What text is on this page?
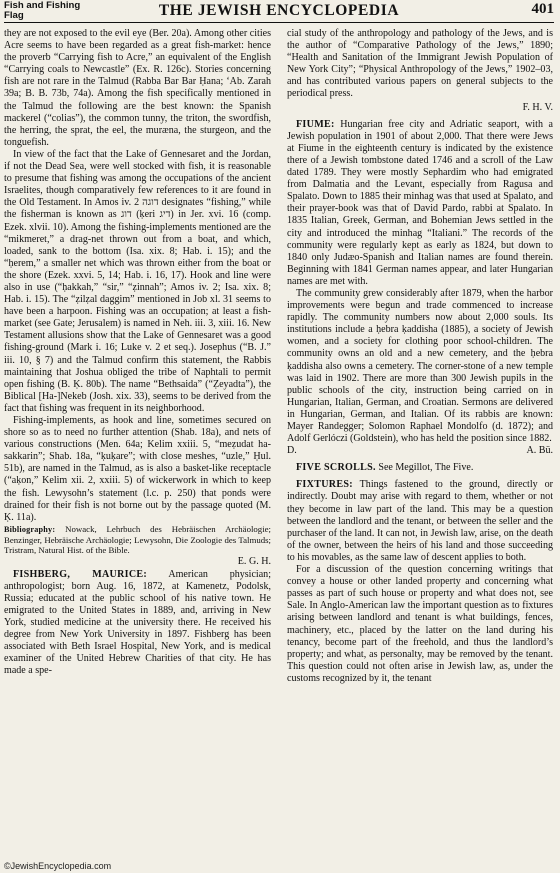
Fish and Fishing
Flag	THE JEWISH ENCYCLOPEDIA	401

they are not exposed to the evil eye (Ber. 20a). Among other cities Acre seems to have been regarded as a great fish-market: hence the proverb “Carrying fish to Acre,” an equivalent of the English “Carrying coals to Newcastle” (Ex. R. 126c). Stories concerning fish are not rare in the Talmud (Rabba Bar Bar Ḥana; ‘Ab. Zarah 39a; B. B. 73b, 74a). Among the fish specifically mentioned in the Talmud the following are the best known: the Spanish mackerel (“colias”), the common tunny, the triton, the swordfish, the herring, the sprat, the eel, the muræna, the sturgeon, and the tonguefish.

In view of the fact that the Lake of Gennesaret and the Jordan, if not the Dead Sea, were well stocked with fish, it is reasonable to presume that fishing was among the occupations of the ancient Israelites, though comparatively few references to it are found in the Old Testament. In Amos iv. 2 דוגה designates “fishing,” while the fisherman is known as דוג (ḳeri דיג) in Jer. xvi. 16 (comp. Ezek. xlvii. 10). Among the fishing-implements mentioned are the “mikmeret,” a drag-net thrown out from a boat, and which, loaded, sank to the bottom (Isa. xix. 8; Hab. i. 15); and the “ḥerem,” a smaller net which was thrown either from the boat or the shore (Ezek. xxvi. 5, 14; Hab. i. 16, 17). Hook and line were also in use (“ḥakkah,” “sir,” “ẓinnah”; Amos iv. 2; Isa. xix. 8; Hab. i. 15). The “ẓilẓal daggim” mentioned in Job xl. 31 seems to have been a harpoon. Fishing was an occupation; at least a fish-market (see Gate; Jerusalem) is named in Neh. iii. 3, xiii. 16. New Testament allusions show that the Lake of Gennesaret was a good fishing-ground (Mark i. 16; Luke v. 2 et seq.). Josephus (“B. J.” iii. 10, § 7) and the Talmud confirm this statement, the Rabbis maintaining that Joshua obliged the tribe of Naphtali to permit open fishing (B. Ḳ. 80b). The name “Bethsaida” (“Ẓeyadta”), the Biblical [Ha-]Nekeb (Josh. xix. 33), seems to be derived from the fact that fishing was frequent in its neighborhood.

Fishing-implements, as hook and line, sometimes secured on shore so as to need no further attention (Shab. 18a), and nets of various constructions (Men. 64a; Kelim xxiii. 5, “meẓudat ha-sakkarin”; Shab. 18a, “ḳuḳare”; with close meshes, “uzle,” Ḥul. 51b), are named in the Talmud, as is also a basket-like receptacle (“aḳon,” Kelim xii. 2, xxiii. 5) of wickerwork in which to keep the fish. Lewysohn’s statement (l.c. p. 250) that ponds were drained for their fish is not borne out by the passage quoted (M. Ḳ. 11a).

Bibliography: Nowack, Lehrbuch des Hebräischen Archäologie; Benzinger, Hebräische Archäologie; Lewysohn, Die Zoologie des Talmuds; Tristram, Natural Hist. of the Bible.

E. G. H.

FISHBERG, MAURICE: American physician; anthropologist; born Aug. 16, 1872, at Kamenetz, Podolsk, Russia; educated at the public school of his native town. He emigrated to the United States in 1889, and, arriving in New York, studied medicine at the university there. He received his degree from New York University in 1897. Fishberg has been associated with Beth Israel Hospital, New York, and is medical examiner of the United Hebrew Charities of that city. He has made a spe-

cial study of the anthropology and pathology of the Jews, and is the author of “Comparative Pathology of the Jews,” 1890; “Health and Sanitation of the Immigrant Jewish Population of New York City”; “Physical Anthropology of the Jews,” 1902–03, and has contributed various papers on general subjects to the periodical press.

F. H. V.

FIUME: Hungarian free city and Adriatic seaport, with a Jewish population in 1901 of about 2,000. That there were Jews at Fiume in the eighteenth century is indicated by the existence there of a Jewish tombstone dated 1746 and a scroll of the Law dated 1789. They were mostly Sephardim who had emigrated from Dalmatia and the Levant, especially from Ragusa and Spalato. Down to 1885 their minhag was that used at Spalato, and their prayer-book was that of David Pardo, rabbi at Spalato. In 1835 Italian, Greek, German, and Bohemian Jews settled in the city and introduced the minhag “Italiani.” The records of the community were regularly kept as early as 1824, but down to 1840 only Judæo-Spanish and Italian names are found therein. Beginning with 1841 German names appear, and later Hungarian names are met with.

The community grew considerably after 1879, when the harbor improvements were begun and trade commenced to increase rapidly. The community numbers now about 2,000 souls. Its institutions include a ḥebra ḳaddisha (1885), a society of Jewish women, and a society for clothing poor school-children. The community owns an old and a new cemetery, and the ḥebra ḳaddisha also owns a cemetery. The corner-stone of a new temple was laid in 1902. There are more than 300 Jewish pupils in the public schools of the city, instruction being carried on in Hungarian, Italian, German, and Croatian. Sermons are delivered in Hungarian, German, and Italian. Of its rabbis are known: Mayer Randegger; Solomon Raphael Mondolfo (d. 1872); and Adolf Gerlóczi (Goldstein), who has held the position since 1882.

D.	A. Bü.

FIVE SCROLLS. See Megillot, The Five.

FIXTURES: Things fastened to the ground, directly or indirectly. Doubt may arise with regard to them, whether or not they become in law part of the land. This may be a question between the landlord and the tenant, or between the seller and the purchaser of the land. It can not, in Jewish law, arise, on the death of the owner, between the heirs of his land and those succeeding to his movables, as the same law of descent applies to both.

For a discussion of the question concerning writings that convey a house or other landed property and concerning what passes as part of such house or property and what does not, see Sale. In Anglo-American law the important question as to fixtures arising between landlord and tenant is what buildings, fences, machinery, etc., placed by the latter on the land during his tenancy, become part of the freehold, and thus the landlord’s property; and what, as personalty, may be removed by the tenant. This question could not often arise in Jewish law, as, under the customs recognized by it, the tenant

©JewishEncyclopedia.com
